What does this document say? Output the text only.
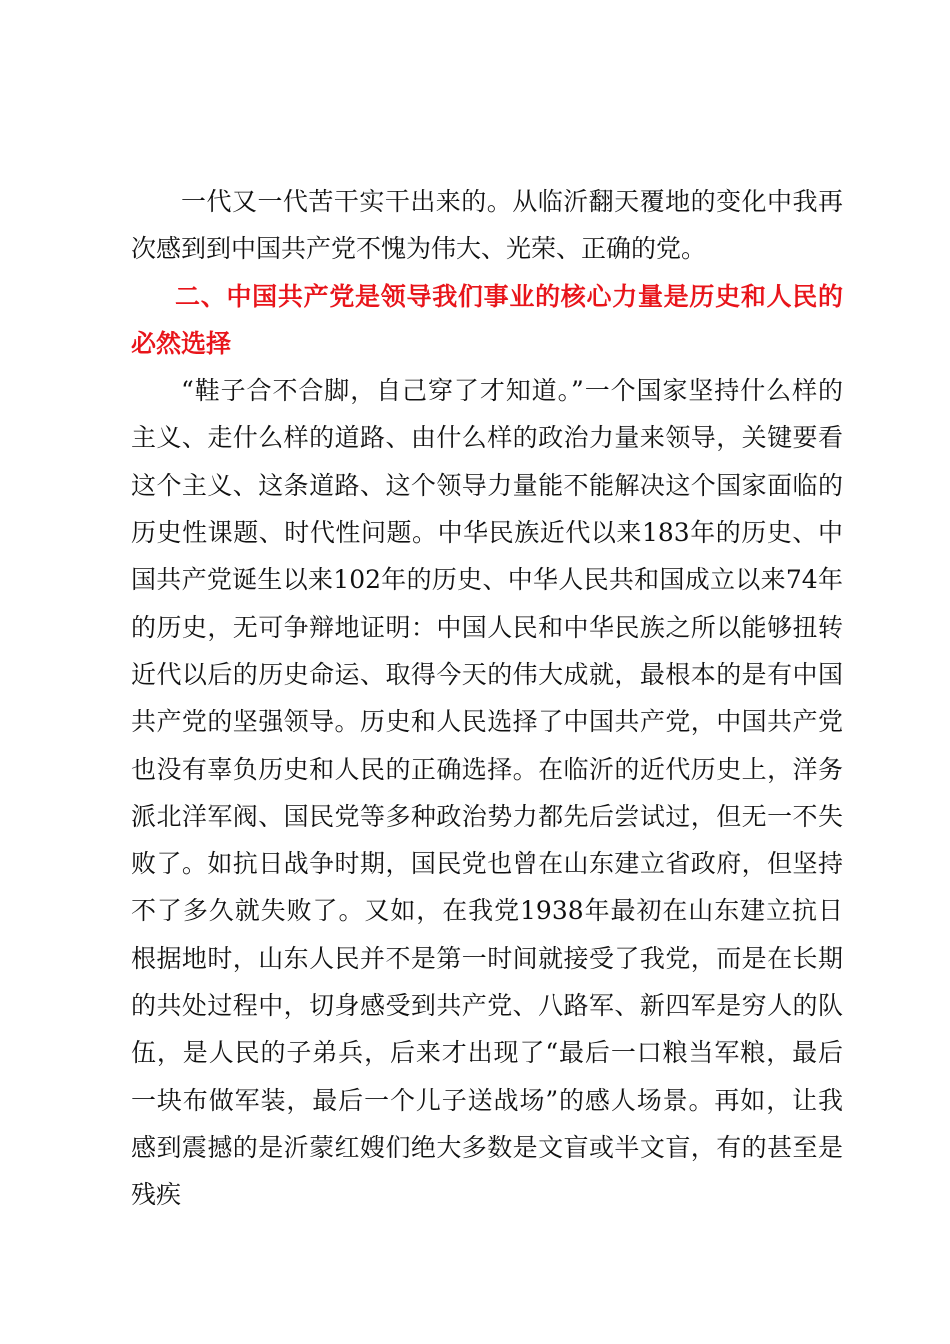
一代又一代苦干实干出来的。从临沂翻天覆地的变化中我再次感到到中国共产党不愧为伟大、光荣、正确的党。

二、中国共产党是领导我们事业的核心力量是历史和人民的必然选择

“鞋子合不合脚，自己穿了才知道。”一个国家坚持什么样的主义、走什么样的道路、由什么样的政治力量来领导，关键要看这个主义、这条道路、这个领导力量能不能解决这个国家面临的历史性课题、时代性问题。中华民族近代以来183年的历史、中国共产党诞生以来102年的历史、中华人民共和国成立以来74年的历史，无可争辩地证明：中国人民和中华民族之所以能够扭转近代以后的历史命运、取得今天的伟大成就，最根本的是有中国共产党的坚强领导。历史和人民选择了中国共产党，中国共产党也没有辜负历史和人民的正确选择。在临沂的近代历史上，洋务派北洋军阀、国民党等多种政治势力都先后尝试过，但无一不失败了。如抗日战争时期，国民党也曾在山东建立省政府，但坚持不了多久就失败了。又如，在我党1938年最初在山东建立抗日根据地时，山东人民并不是第一时间就接受了我党，而是在长期的共处过程中，切身感受到共产党、八路军、新四军是穷人的队伍，是人民的子弟兵，后来才出现了“最后一口粮当军粮，最后一块布做军装，最后一个儿子送战场”的感人场景。再如，让我感到震撼的是沂蒙红嫂们绝大多数是文盲或半文盲，有的甚至是残疾
